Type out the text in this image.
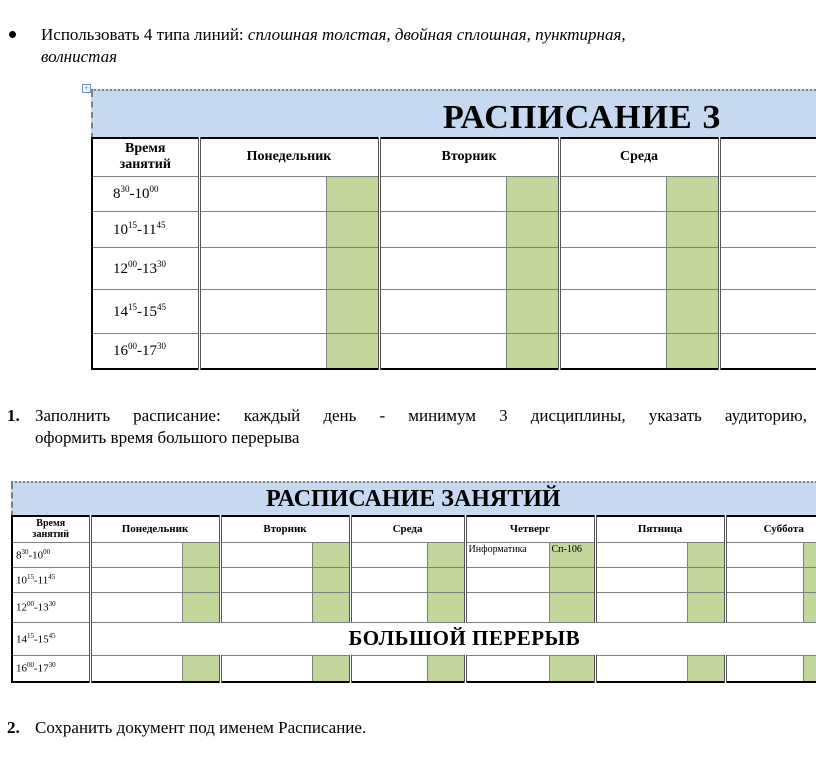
Использовать 4 типа линий: сплошная толстая, двойная сплошная, пунктирная,
волнистая
+
РАСПИСАНИЕ З
Время
занятий	Понедельник		Вторник		Среда		
$8^{30}-10^{00}$							
$10^{15}-11^{45}$							
$12^{00}-13^{30}$							
$14^{15}-15^{45}$							
$16^{00}-17^{30}$							
1. Заполнить расписание: каждый день - минимум 3 дисциплины, указать аудиторию,
оформить время большого перерыва
РАСПИСАНИЕ ЗАНЯТИЙ
Время
занятий	Понедельник		Вторник		Среда		Четверг		Пятница		Суббота	
$8^{30}-10^{00}$							Информатика	Сп-106				
$10^{15}-11^{45}$												
$12^{00}-13^{30}$												
$14^{15}-15^{45}$	БОЛЬШОЙ ПЕРЕРЫВ											
$16^{00}-17^{30}$												
2. Сохранить документ под именем Расписание.
